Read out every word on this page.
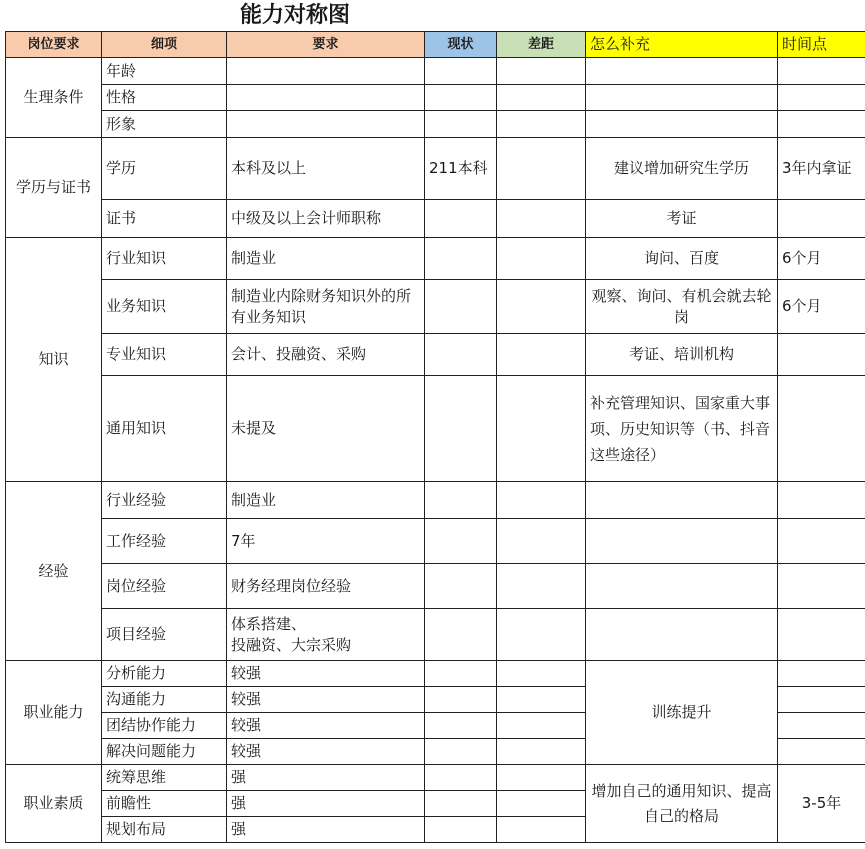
能力对称图
岗位要求	细项	要求	现状	差距	怎么补充	时间点
生理条件	年龄					
	性格					
	形象					
学历与证书	学历	本科及以上	211本科		建议增加研究生学历	3年内拿证
	证书	中级及以上会计师职称			考证	
知识	行业知识	制造业			询问、百度	6个月
	业务知识	制造业内除财务知识外的所有业务知识			观察、询问、有机会就去轮岗	6个月
	专业知识	会计、投融资、采购			考证、培训机构	
	通用知识	未提及			补充管理知识、国家重大事项、历史知识等（书、抖音这些途径）	
经验	行业经验	制造业				
	工作经验	7年				
	岗位经验	财务经理岗位经验				
	项目经验	体系搭建、
投融资、大宗采购				

职业能力	分析能力	较强			训练提升	
	沟通能力	较强				
	团结协作能力	较强				
	解决问题能力	较强				
职业素质	统筹思维	强			增加自己的通用知识、提高自己的格局	3-5年
	前瞻性	强				
	规划布局	强				
